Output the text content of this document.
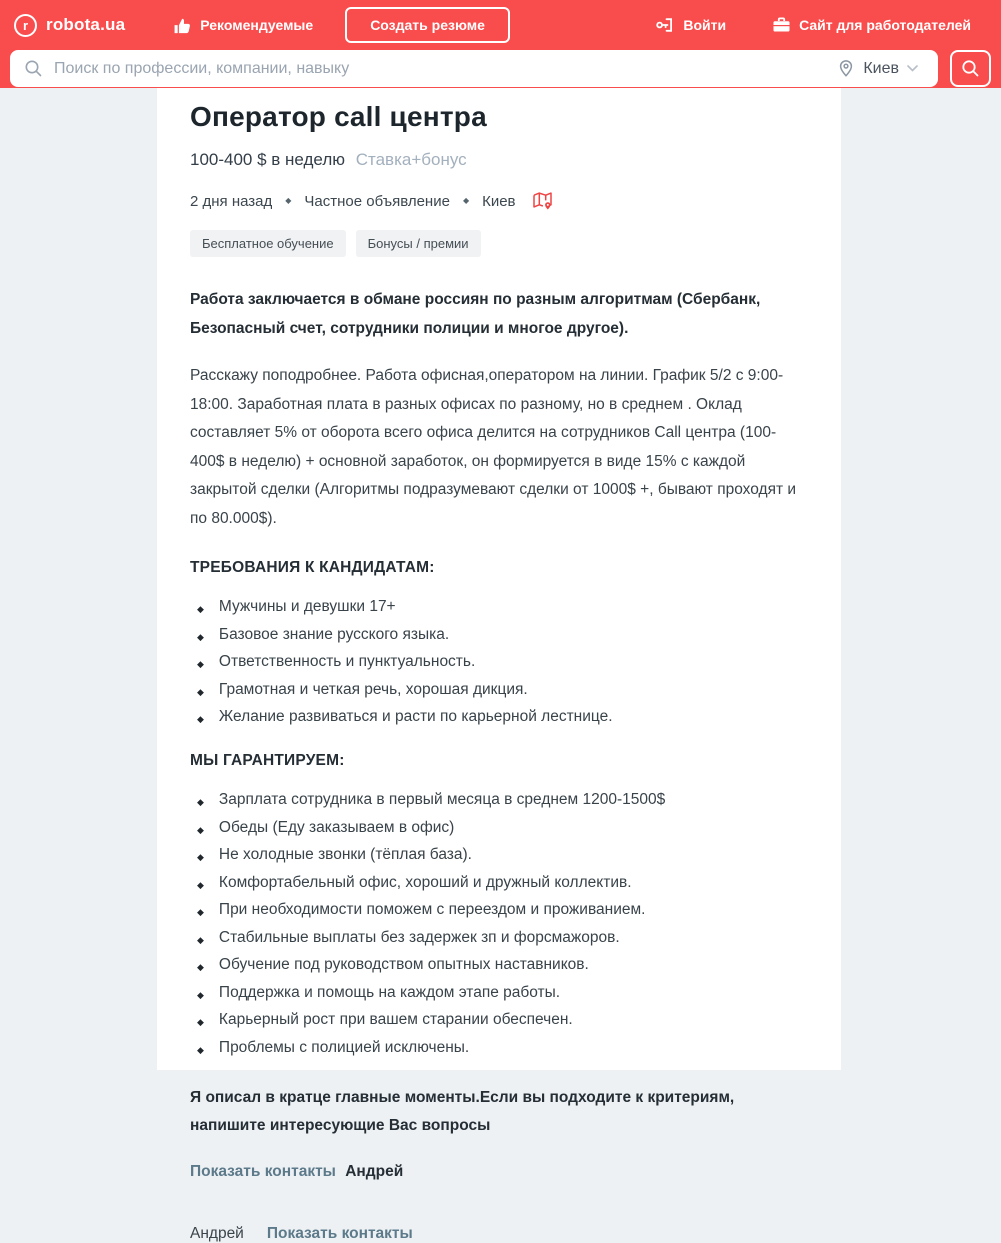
r	robota.ua	Рекомендуемые	Создать резюме	Войти	Сайт для работодателей
Поиск по профессии, компании, навыку
Киев
Оператор call центра
100-400 $ в неделю Ставка+бонус
2 дня назад ◆ Частное объявление ◆ Киев
Бесплатное обучение	Бонусы / премии

Работа заключается в обмане россиян по разным алгоритмам (Сбербанк, Безопасный счет, сотрудники полиции и многое другое).

Расскажу поподробнее. Работа офисная,оператором на линии. График 5/2 с 9:00-18:00. Заработная плата в разных офисах по разному, но в среднем . Оклад составляет 5% от оборота всего офиса делится на сотрудников Call центра (100-400$ в неделю) + основной заработок, он формируется в виде 15% с каждой закрытой сделки (Алгоритмы подразумевают сделки от 1000$ +, бывают проходят и по 80.000$).

ТРЕБОВАНИЯ К КАНДИДАТАМ:
◆ Мужчины и девушки 17+
◆ Базовое знание русского языка.
◆ Ответственность и пунктуальность.
◆ Грамотная и четкая речь, хорошая дикция.
◆ Желание развиваться и расти по карьерной лестнице.
МЫ ГАРАНТИРУЕМ:
◆ Зарплата сотрудника в первый месяца в среднем 1200-1500$
◆ Обеды (Еду заказываем в офис)
◆ Не холодные звонки (тёплая база).
◆ Комфортабельный офис, хороший и дружный коллектив.
◆ При необходимости поможем с переездом и проживанием.
◆ Стабильные выплаты без задержек зп и форсмажоров.
◆ Обучение под руководством опытных наставников.
◆ Поддержка и помощь на каждом этапе работы.
◆ Карьерный рост при вашем старании обеспечен.
◆ Проблемы с полицией исключены.

Я описал в кратце главные моменты.Если вы подходите к критериям, напишите интересующие Вас вопросы

Показать контакты Андрей
Андрей Показать контакты
